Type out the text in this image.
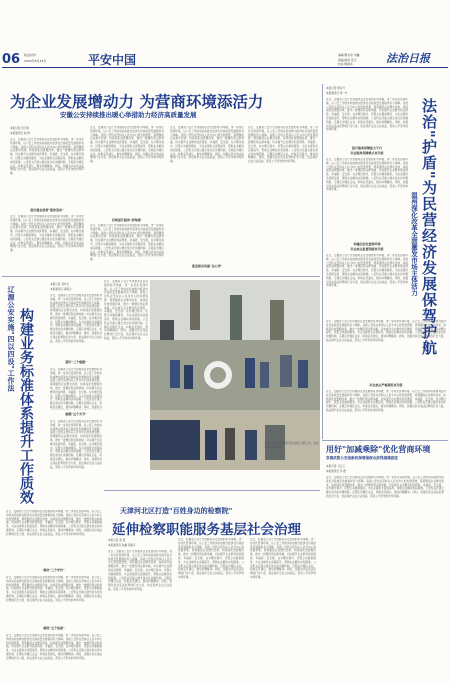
06 政法时评
2023年6月24日	平安中国	编辑/曹永泉 刘巍
美编/温如 高云
校对/韩国华	法治日报
为企业发展增动力 为营商环境添活力
安徽公安持续推出暖心举措助力经济高质量发展
本报记者 范天娇
本报通讯员 刘 辉
近日，安徽省公安厅出台服务企业发展的系列举措，进一步优化营商环境，以公安工作的实际成效为经济社会高质量发展提供有力保障。各级公安机关坚持以人民为中心的发展思想，紧紧围绕企业群众需求，持续深化放管服改革，推出一批便民利企新举措，切实提升企业群众的获得感、幸福感、安全感。在办理过程中，民警主动靠前服务，为企业提供全流程指导，帮助企业解决实际困难。公安机关还建立健全常态化沟通机制，定期走访辖区企业，听取意见建议，推动问题解决。同时，加强对涉企违法犯罪的打击力度，依法保护企业合法权益，营造公平竞争的市场环境。
推出暖企政策"服务清单"
近日，安徽省公安厅出台服务企业发展的系列举措，进一步优化营商环境，以公安工作的实际成效为经济社会高质量发展提供有力保障。各级公安机关坚持以人民为中心的发展思想，紧紧围绕企业群众需求，持续深化放管服改革，推出一批便民利企新举措，切实提升企业群众的获得感、幸福感、安全感。在办理过程中，民警主动靠前服务，为企业提供全流程指导，帮助企业解决实际困难。公安机关还建立健全常态化沟通机制，定期走访辖区企业，听取意见建议，推动问题解决。同时，加强对涉企违法犯罪的打击力度，依法保护企业合法权益，营造公平竞争的市场环境。
近日，安徽省公安厅出台服务企业发展的系列举措，进一步优化营商环境，以公安工作的实际成效为经济社会高质量发展提供有力保障。各级公安机关坚持以人民为中心的发展思想，紧紧围绕企业群众需求，持续深化放管服改革，推出一批便民利企新举措，切实提升企业群众的获得感、幸福感、安全感。在办理过程中，民警主动靠前服务，为企业提供全流程指导，帮助企业解决实际困难。公安机关还建立健全常态化沟通机制，定期走访辖区企业，听取意见建议，推动问题解决。同时，加强对涉企违法犯罪的打击力度，依法保护企业合法权益，营造公平竞争的市场环境。
持续提升服务"获得感"
近日，安徽省公安厅出台服务企业发展的系列举措，进一步优化营商环境，以公安工作的实际成效为经济社会高质量发展提供有力保障。各级公安机关坚持以人民为中心的发展思想，紧紧围绕企业群众需求，持续深化放管服改革，推出一批便民利企新举措，切实提升企业群众的获得感、幸福感、安全感。在办理过程中，民警主动靠前服务，为企业提供全流程指导，帮助企业解决实际困难。公安机关还建立健全常态化沟通机制，定期走访辖区企业，听取意见建议，推动问题解决。同时，加强对涉企违法犯罪的打击力度，依法保护企业合法权益，营造公平竞争的市场环境。
近日，安徽省公安厅出台服务企业发展的系列举措，进一步优化营商环境，以公安工作的实际成效为经济社会高质量发展提供有力保障。各级公安机关坚持以人民为中心的发展思想，紧紧围绕企业群众需求，持续深化放管服改革，推出一批便民利企新举措，切实提升企业群众的获得感、幸福感、安全感。在办理过程中，民警主动靠前服务，为企业提供全流程指导，帮助企业解决实际困难。公安机关还建立健全常态化沟通机制，定期走访辖区企业，听取意见建议，推动问题解决。同时，加强对涉企违法犯罪的打击力度，依法保护企业合法权益，营造公平竞争的市场环境。
近日，安徽省公安厅出台服务企业发展的系列举措，进一步优化营商环境，以公安工作的实际成效为经济社会高质量发展提供有力保障。各级公安机关坚持以人民为中心的发展思想，紧紧围绕企业群众需求，持续深化放管服改革，推出一批便民利企新举措，切实提升企业群众的获得感、幸福感、安全感。在办理过程中，民警主动靠前服务，为企业提供全流程指导，帮助企业解决实际困难。公安机关还建立健全常态化沟通机制，定期走访辖区企业，听取意见建议，推动问题解决。同时，加强对涉企违法犯罪的打击力度，依法保护企业合法权益，营造公平竞争的市场环境。
推进商会沟通"总心州"
本报记者 陈东升
本报通讯员 郑一叶
近日，安徽省公安厅出台服务企业发展的系列举措，进一步优化营商环境，以公安工作的实际成效为经济社会高质量发展提供有力保障。各级公安机关坚持以人民为中心的发展思想，紧紧围绕企业群众需求，持续深化放管服改革，推出一批便民利企新举措，切实提升企业群众的获得感、幸福感、安全感。在办理过程中，民警主动靠前服务，为企业提供全流程指导，帮助企业解决实际困难。公安机关还建立健全常态化沟通机制，定期走访辖区企业，听取意见建议，推动问题解决。同时，加强对涉企违法犯罪的打击力度，依法保护企业合法权益，营造公平竞争的市场环境。
提升服务保障能力平台
涉企服务保障模式再升级
近日，安徽省公安厅出台服务企业发展的系列举措，进一步优化营商环境，以公安工作的实际成效为经济社会高质量发展提供有力保障。各级公安机关坚持以人民为中心的发展思想，紧紧围绕企业群众需求，持续深化放管服改革，推出一批便民利企新举措，切实提升企业群众的获得感、幸福感、安全感。在办理过程中，民警主动靠前服务，为企业提供全流程指导，帮助企业解决实际困难。公安机关还建立健全常态化沟通机制，定期走访辖区企业，听取意见建议，推动问题解决。同时，加强对涉企违法犯罪的打击力度，依法保护企业合法权益，营造公平竞争的市场环境。
构建法治化营商环境
涉企执法监督制度再升级
近日，安徽省公安厅出台服务企业发展的系列举措，进一步优化营商环境，以公安工作的实际成效为经济社会高质量发展提供有力保障。各级公安机关坚持以人民为中心的发展思想，紧紧围绕企业群众需求，持续深化放管服改革，推出一批便民利企新举措，切实提升企业群众的获得感、幸福感、安全感。在办理过程中，民警主动靠前服务，为企业提供全流程指导，帮助企业解决实际困难。公安机关还建立健全常态化沟通机制，定期走访辖区企业，听取意见建议，推动问题解决。同时，加强对涉企违法犯罪的打击力度，依法保护企业合法权益，营造公平竞争的市场环境。	法治"护盾"为民营经济发展保驾护航
温州深化改革全面激发市场主体活力
近日，安徽省公安厅出台服务企业发展的系列举措，进一步优化营商环境，以公安工作的实际成效为经济社会高质量发展提供有力保障。各级公安机关坚持以人民为中心的发展思想，紧紧围绕企业群众需求，持续深化放管服改革，推出一批便民利企新举措，切实提升企业群众的获得感、幸福感、安全感。在办理过程中，民警主动靠前服务，为企业提供全流程指导，帮助企业解决实际困难。公安机关还建立健全常态化沟通机制，定期走访辖区企业，听取意见建议，推动问题解决。同时，加强对涉企违法犯罪的打击力度，依法保护企业合法权益，营造公平竞争的市场环境。
涉企执法严格规范再升级
近日，安徽省公安厅出台服务企业发展的系列举措，进一步优化营商环境，以公安工作的实际成效为经济社会高质量发展提供有力保障。各级公安机关坚持以人民为中心的发展思想，紧紧围绕企业群众需求，持续深化放管服改革，推出一批便民利企新举措，切实提升企业群众的获得感、幸福感、安全感。在办理过程中，民警主动靠前服务，为企业提供全流程指导，帮助企业解决实际困难。公安机关还建立健全常态化沟通机制，定期走访辖区企业，听取意见建议，推动问题解决。同时，加强对涉企违法犯罪的打击力度，依法保护企业合法权益，营造公平竞争的市场环境。
辽源公安实施"四以四设"工作法 构建业务标准体系提升工作质效
本报记者 刘中全
本报通讯员 孙明日
近日，安徽省公安厅出台服务企业发展的系列举措，进一步优化营商环境，以公安工作的实际成效为经济社会高质量发展提供有力保障。各级公安机关坚持以人民为中心的发展思想，紧紧围绕企业群众需求，持续深化放管服改革，推出一批便民利企新举措，切实提升企业群众的获得感、幸福感、安全感。在办理过程中，民警主动靠前服务，为企业提供全流程指导，帮助企业解决实际困难。公安机关还建立健全常态化沟通机制，定期走访辖区企业，听取意见建议，推动问题解决。同时，加强对涉企违法犯罪的打击力度，依法保护企业合法权益，营造公平竞争的市场环境。
紧盯"三个难题"
近日，安徽省公安厅出台服务企业发展的系列举措，进一步优化营商环境，以公安工作的实际成效为经济社会高质量发展提供有力保障。各级公安机关坚持以人民为中心的发展思想，紧紧围绕企业群众需求，持续深化放管服改革，推出一批便民利企新举措，切实提升企业群众的获得感、幸福感、安全感。在办理过程中，民警主动靠前服务，为企业提供全流程指导，帮助企业解决实际困难。公安机关还建立健全常态化沟通机制，定期走访辖区企业，听取意见建议，推动问题解决。同时，加强对涉
破题"五个关节"
近日，安徽省公安厅出台服务企业发展的系列举措，进一步优化营商环境，以公安工作的实际成效为经济社会高质量发展提供有力保障。各级公安机关坚持以人民为中心的发展思想，紧紧围绕企业群众需求，持续深化放管服改革，推出一批便民利企新举措，切实提升企业群众的获得感、幸福感、安全感。在办理过程中，民警主动靠前服务，为企业提供全流程指导，帮助企业解决实际困难。公安机关还建立健全常态化沟通机制，定期走访辖区企业，听取意见建议，推动问题解决。同时，加强对涉企违法犯罪的打击力度，依法保护企业合法权益，营造公平竞争的市场环境。
近日，安徽省公安厅出台服务企业发展的系列举措，进一步优化营商环境，以公安工作的实际成效为经济社会高质量发展提供有力保障。各级公安机关坚持以人民为中心的发展思想，紧紧围绕企业群众需求，持续深化放管服改革，推出一批便民利企新举措，切实提升企业群众的获得感、幸福感、安全感。在办理过程中，民警主动靠前服务，为企业提供全流程指导，帮助企业解决实际困难。公安机关还建立健全常态化沟通机制，定期走访辖区企业，听取意见建议，推动问题解决。同时，加强对涉企违法犯罪的打击力度，依法保护企业合法权益，营造公平竞争的市场环境。
做好"三个评价"
近日，安徽省公安厅出台服务企业发展的系列举措，进一步优化营商环境，以公安工作的实际成效为经济社会高质量发展提供有力保障。各级公安机关坚持以人民为中心的发展思想，紧紧围绕企业群众需求，持续深化放管服改革，推出一批便民利企新举措，切实提升企业群众的获得感、幸福感、安全感。在办理过程中，民警主动靠前服务，为企业提供全流程指导，帮助企业解决实际困难。公安机关还建立健全常态化沟通机制，定期走访辖区企业，听取意见建议，推动问题解决。同时，加强对涉企违法犯罪的打击力度，依法保护企业合法权益，营造公平竞争的市场环境。
确保"五个结果"
近日，安徽省公安厅出台服务企业发展的系列举措，进一步优化营商环境，以公安工作的实际成效为经济社会高质量发展提供有力保障。各级公安机关坚持以人民为中心的发展思想，紧紧围绕企业群众需求，持续深化放管服改革，推出一批便民利企新举措，切实提升企业群众的获得感、幸福感、安全感。在办理过程中，民警主动靠前服务，为企业提供全流程指导，帮助企业解决实际困难。公安机关还建立健全常态化沟通机制，定期走访辖区企业，听取意见建议，推动问题解决。同时，加强对涉企违法犯罪的打击力度，依法保护企业合法权益，营造公平竞争的市场环境。
天津市公安局某分局民警在辖区开展工作。本报记者 孟绍勇 摄
近日，安徽省公安厅出台服务企业发展的系列举措，进一步优化营商环境，以公安工作的实际成效为经济社会高质量发展提供有力保障。各级公安机关坚持以人民为中心的发展思想，紧紧围绕企业群众需求，持续深化放管服改革，推出一批便民利企新举措，切实提升企业群众的获得感、幸福感、安全感。在办理过程中，民警主动靠前服务，为企业提供全流程指导，帮助企业解决实际困难。公安机关还建立健全常态化沟通机制，定期走访辖区企业，听取意见建议，推动问题解决。同时，加强对涉企违法犯罪的打击力度，依法保护企业合法权益，营造公平竞争的市场环境。
天津河北区打造"百姓身边的检察院"
延伸检察职能服务基层社会治理
本报记者 张 晨
本报通讯员 孙鑫 张丽月
近日，安徽省公安厅出台服务企业发展的系列举措，进一步优化营商环境，以公安工作的实际成效为经济社会高质量发展提供有力保障。各级公安机关坚持以人民为中心的发展思想，紧紧围绕企业群众需求，持续深化放管服改革，推出一批便民利企新举措，切实提升企业群众的获得感、幸福感、安全感。在办理过程中，民警主动靠前服务，为企业提供全流程指导，帮助企业解决实际困难。公安机关还建立健全常态化沟通机制，定期走访辖区企业，听取意见建议，推动问题解决。同时，加强对涉企违法犯罪的打击力度，依法保护企业合法权益，营造公平竞争的市场环境。
近日，安徽省公安厅出台服务企业发展的系列举措，进一步优化营商环境，以公安工作的实际成效为经济社会高质量发展提供有力保障。各级公安机关坚持以人民为中心的发展思想，紧紧围绕企业群众需求，持续深化放管服改革，推出一批便民利企新举措，切实提升企业群众的获得感、幸福感、安全感。在办理过程中，民警主动靠前服务，为企业提供全流程指导，帮助企业解决实际困难。公安机关还建立健全常态化沟通机制，定期走访辖区企业，听取意见建议，推动问题解决。同时，加强对涉企违法犯罪的打击力度，依法保护企业合法权益，营造公平竞争的市场环境。
近日，安徽省公安厅出台服务企业发展的系列举措，进一步优化营商环境，以公安工作的实际成效为经济社会高质量发展提供有力保障。各级公安机关坚持以人民为中心的发展思想，紧紧围绕企业群众需求，持续深化放管服改革，推出一批便民利企新举措，切实提升企业群众的获得感、幸福感、安全感。在办理过程中，民警主动靠前服务，为企业提供全流程指导，帮助企业解决实际困难。公安机关还建立健全常态化沟通机制，定期走访辖区企业，听取意见建议，推动问题解决。同时，加强对涉企违法犯罪的打击力度，依法保护企业合法权益，营造公平竞争的市场环境。
用好"加减乘除"优化营商环境
常德武陵公安创新机制增强群众获得感满意度
本报记者 马云云
本报通讯员 李 媛
近日，安徽省公安厅出台服务企业发展的系列举措，进一步优化营商环境，以公安工作的实际成效为经济社会高质量发展提供有力保障。各级公安机关坚持以人民为中心的发展思想，紧紧围绕企业群众需求，持续深化放管服改革，推出一批便民利企新举措，切实提升企业群众的获得感、幸福感、安全感。在办理过程中，民警主动靠前服务，为企业提供全流程指导，帮助企业解决实际困难。公安机关还建立健全常态化沟通机制，定期走访辖区企业，听取意见建议，推动问题解决。同时，加强对涉企违法犯罪的打击力度，依法保护企业合法权益，营造公平竞争的市场环境。
